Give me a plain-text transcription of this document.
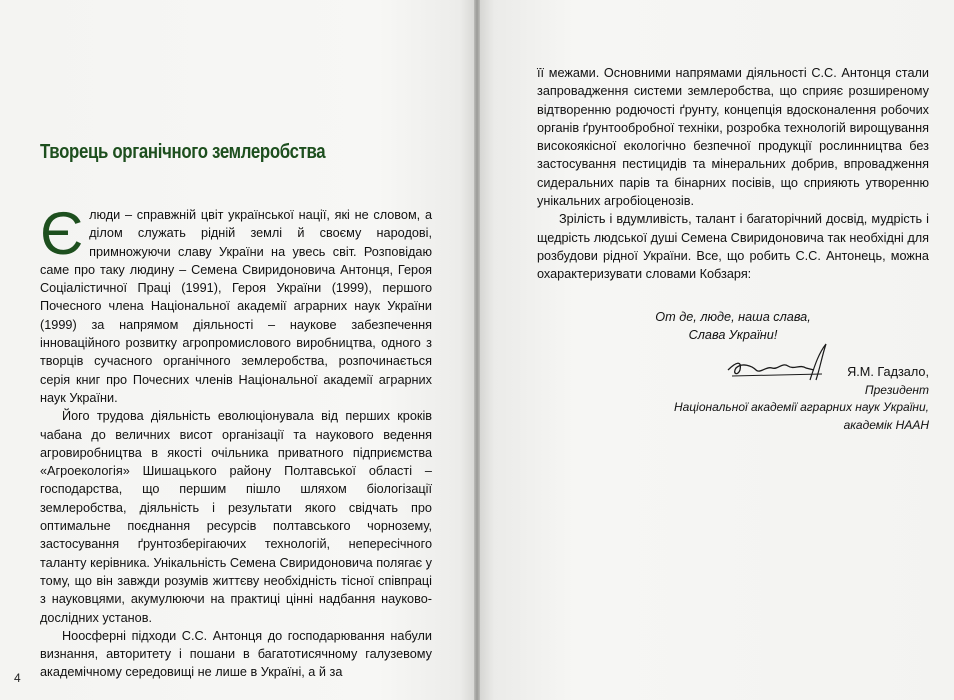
Творець органічного землеробства

Єлюди – справжній цвіт української нації, які не словом, а ділом служать рідній землі й своєму народові, примножуючи славу України на увесь світ. Розповідаю саме про таку людину – Семена Свиридоновича Антонця, Героя Соціалістичної Праці (1991), Героя України (1999), першого Почесного члена Національної академії аграрних наук України (1999) за напрямом діяльності – наукове забезпечення інноваційного розвитку агропромислового виробництва, одного з творців сучасного органічного землеробства, розпочинається серія книг про Почесних членів Національної академії аграрних наук України.

Його трудова діяльність еволюціонувала від перших кроків чабана до величних висот організації та наукового ведення агровиробництва в якості очільника приватного підприємства «Агроекологія» Шишацького району Полтавської області – господарства, що першим пішло шляхом біологізації землеробства, діяльність і результати якого свідчать про оптимальне поєднання ресурсів полтавського чорнозему, застосування ґрунтозберігаючих технологій, непересічного таланту керівника. Унікальність Семена Свиридоновича полягає у тому, що він завжди розумів життєву необхідність тісної співпраці з науковцями, акумулюючи на практиці цінні надбання науково-дослідних установ.

Ноосферні підходи С.С. Антонця до господарювання набули визнання, авторитету і пошани в багатотисячному галузевому академічному середовищі не лише в Україні, а й за

4

її межами. Основними напрямами діяльності С.С. Антонця стали запровадження системи землеробства, що сприяє розширеному відтворенню родючості ґрунту, концепція вдосконалення робочих органів ґрунтообробної техніки, розробка технологій вирощування високоякісної екологічно безпечної продукції рослинництва без застосування пестицидів та мінеральних добрив, впровадження сидеральних парів та бінарних посівів, що сприяють утворенню унікальних агробіоценозів.

Зрілість і вдумливість, талант і багаторічний досвід, мудрість і щедрість людської душі Семена Свиридоновича так необхідні для розбудови рідної України. Все, що робить С.С. Антонець, можна охарактеризувати словами Кобзаря:

От де, люде, наша слава,
Слава України!
Я.М. Гадзало,
Президент
Національної академії аграрних наук України,
академік НААН
